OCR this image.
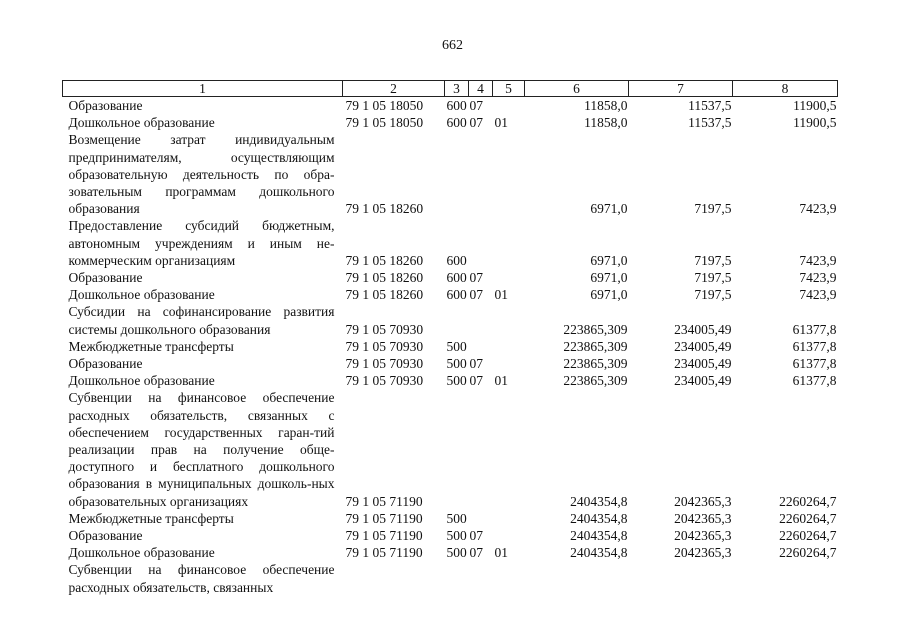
662
1	2	3	4	5	6	7	8
Образование	79 1 05 18050	600	07		11858,0	11537,5	11900,5
Дошкольное образование	79 1 05 18050	600	07	01	11858,0	11537,5	11900,5
Возмещение затрат индивидуальным предпринимателям, осуществляющим образовательную деятельность по обра-зовательным программам дошкольного образования	79 1 05 18260				6971,0	7197,5	7423,9
Предоставление субсидий бюджетным, автономным учреждениям и иным не-коммерческим организациям	79 1 05 18260	600			6971,0	7197,5	7423,9
Образование	79 1 05 18260	600	07		6971,0	7197,5	7423,9
Дошкольное образование	79 1 05 18260	600	07	01	6971,0	7197,5	7423,9
Субсидии на софинансирование развития системы дошкольного образования	79 1 05 70930				223865,309	234005,49	61377,8
Межбюджетные трансферты	79 1 05 70930	500			223865,309	234005,49	61377,8
Образование	79 1 05 70930	500	07		223865,309	234005,49	61377,8
Дошкольное образование	79 1 05 70930	500	07	01	223865,309	234005,49	61377,8
Субвенции на финансовое обеспечение расходных обязательств, связанных с обеспечением государственных гаран-тий реализации прав на получение обще-доступного и бесплатного дошкольного образования в муниципальных дошколь-ных образовательных организациях	79 1 05 71190				2404354,8	2042365,3	2260264,7
Межбюджетные трансферты	79 1 05 71190	500			2404354,8	2042365,3	2260264,7
Образование	79 1 05 71190	500	07		2404354,8	2042365,3	2260264,7
Дошкольное образование	79 1 05 71190	500	07	01	2404354,8	2042365,3	2260264,7
Субвенции на финансовое обеспечение расходных обязательств, связанных							
